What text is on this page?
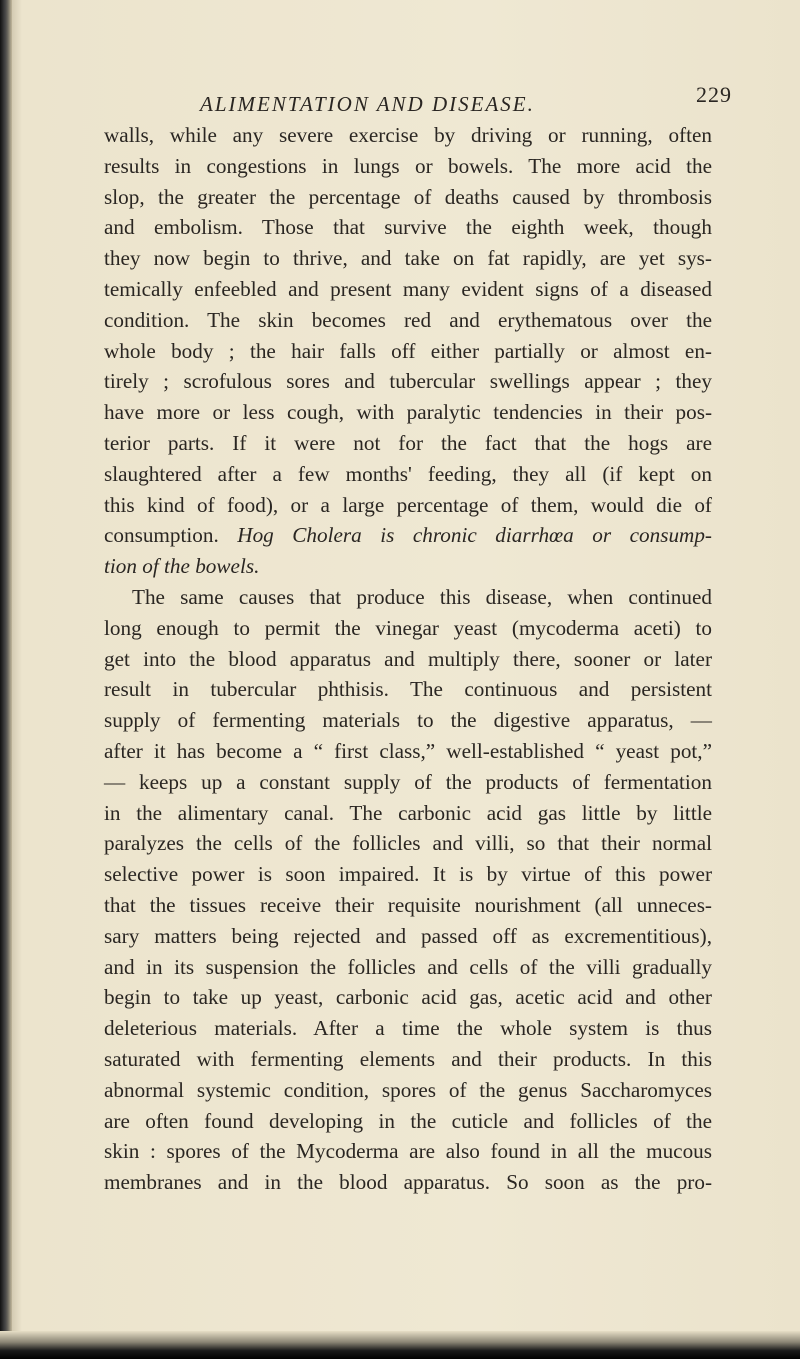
ALIMENTATION AND DISEASE.	229
walls, while any severe exercise by driving or running, often
results in congestions in lungs or bowels. The more acid the
slop, the greater the percentage of deaths caused by thrombosis
and embolism. Those that survive the eighth week, though
they now begin to thrive, and take on fat rapidly, are yet sys-
temically enfeebled and present many evident signs of a diseased
condition. The skin becomes red and erythematous over the
whole body ; the hair falls off either partially or almost en-
tirely ; scrofulous sores and tubercular swellings appear ; they
have more or less cough, with paralytic tendencies in their pos-
terior parts. If it were not for the fact that the hogs are
slaughtered after a few months' feeding, they all (if kept on
this kind of food), or a large percentage of them, would die of
consumption. Hog Cholera is chronic diarrhœa or consump-
tion of the bowels.
The same causes that produce this disease, when continued
long enough to permit the vinegar yeast (mycoderma aceti) to
get into the blood apparatus and multiply there, sooner or later
result in tubercular phthisis. The continuous and persistent
supply of fermenting materials to the digestive apparatus, —
after it has become a “ first class,” well-established “ yeast pot,”
— keeps up a constant supply of the products of fermentation
in the alimentary canal. The carbonic acid gas little by little
paralyzes the cells of the follicles and villi, so that their normal
selective power is soon impaired. It is by virtue of this power
that the tissues receive their requisite nourishment (all unneces-
sary matters being rejected and passed off as excrementitious),
and in its suspension the follicles and cells of the villi gradually
begin to take up yeast, carbonic acid gas, acetic acid and other
deleterious materials. After a time the whole system is thus
saturated with fermenting elements and their products. In this
abnormal systemic condition, spores of the genus Saccharomyces
are often found developing in the cuticle and follicles of the
skin : spores of the Mycoderma are also found in all the mucous
membranes and in the blood apparatus. So soon as the pro-
